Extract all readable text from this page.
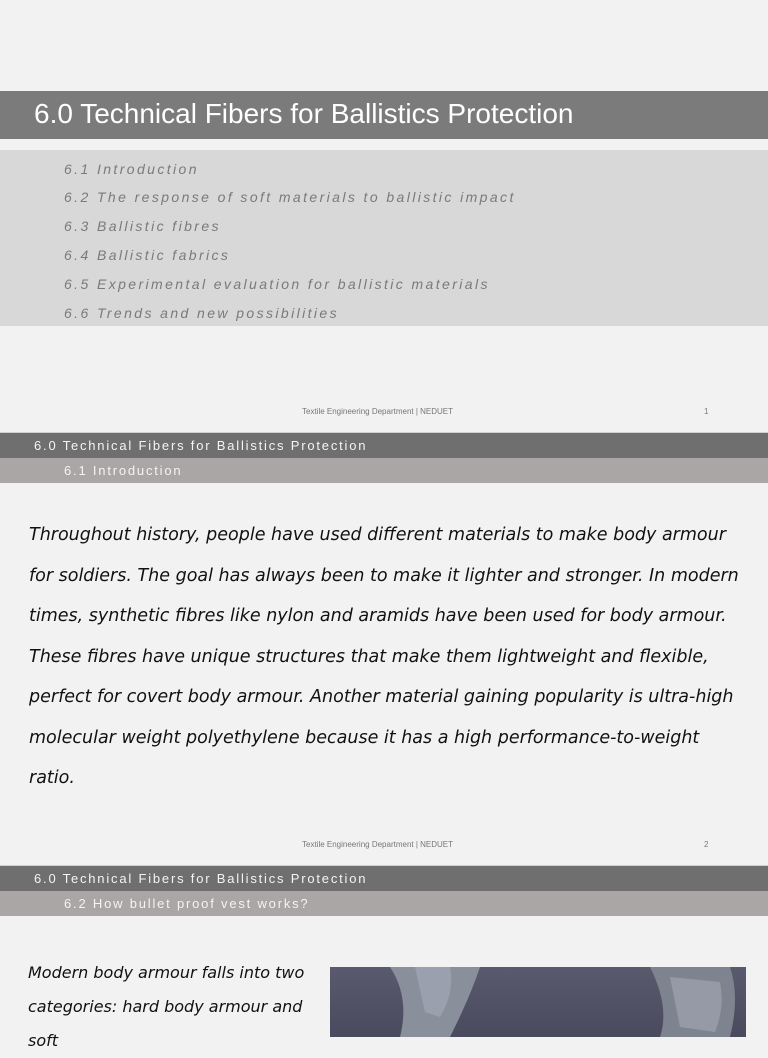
6.0 Technical Fibers for Ballistics Protection
6.1 Introduction
6.2 The response of soft materials to ballistic impact
6.3 Ballistic fibres
6.4 Ballistic fabrics
6.5 Experimental evaluation for ballistic materials
6.6 Trends and new possibilities
Textile Engineering Department | NEDUET	1
6.0 Technical Fibers for Ballistics Protection
6.1 Introduction

Throughout history, people have used different materials to make body armour for soldiers. The goal has always been to make it lighter and stronger. In modern times, synthetic fibres like nylon and aramids have been used for body armour.

These fibres have unique structures that make them lightweight and flexible, perfect for covert body armour. Another material gaining popularity is ultra-high molecular weight polyethylene because it has a high performance-to-weight ratio.

Textile Engineering Department | NEDUET	2
6.0 Technical Fibers for Ballistics Protection
6.2 How bullet proof vest works?
Modern body armour falls into two categories: hard body armour and soft
